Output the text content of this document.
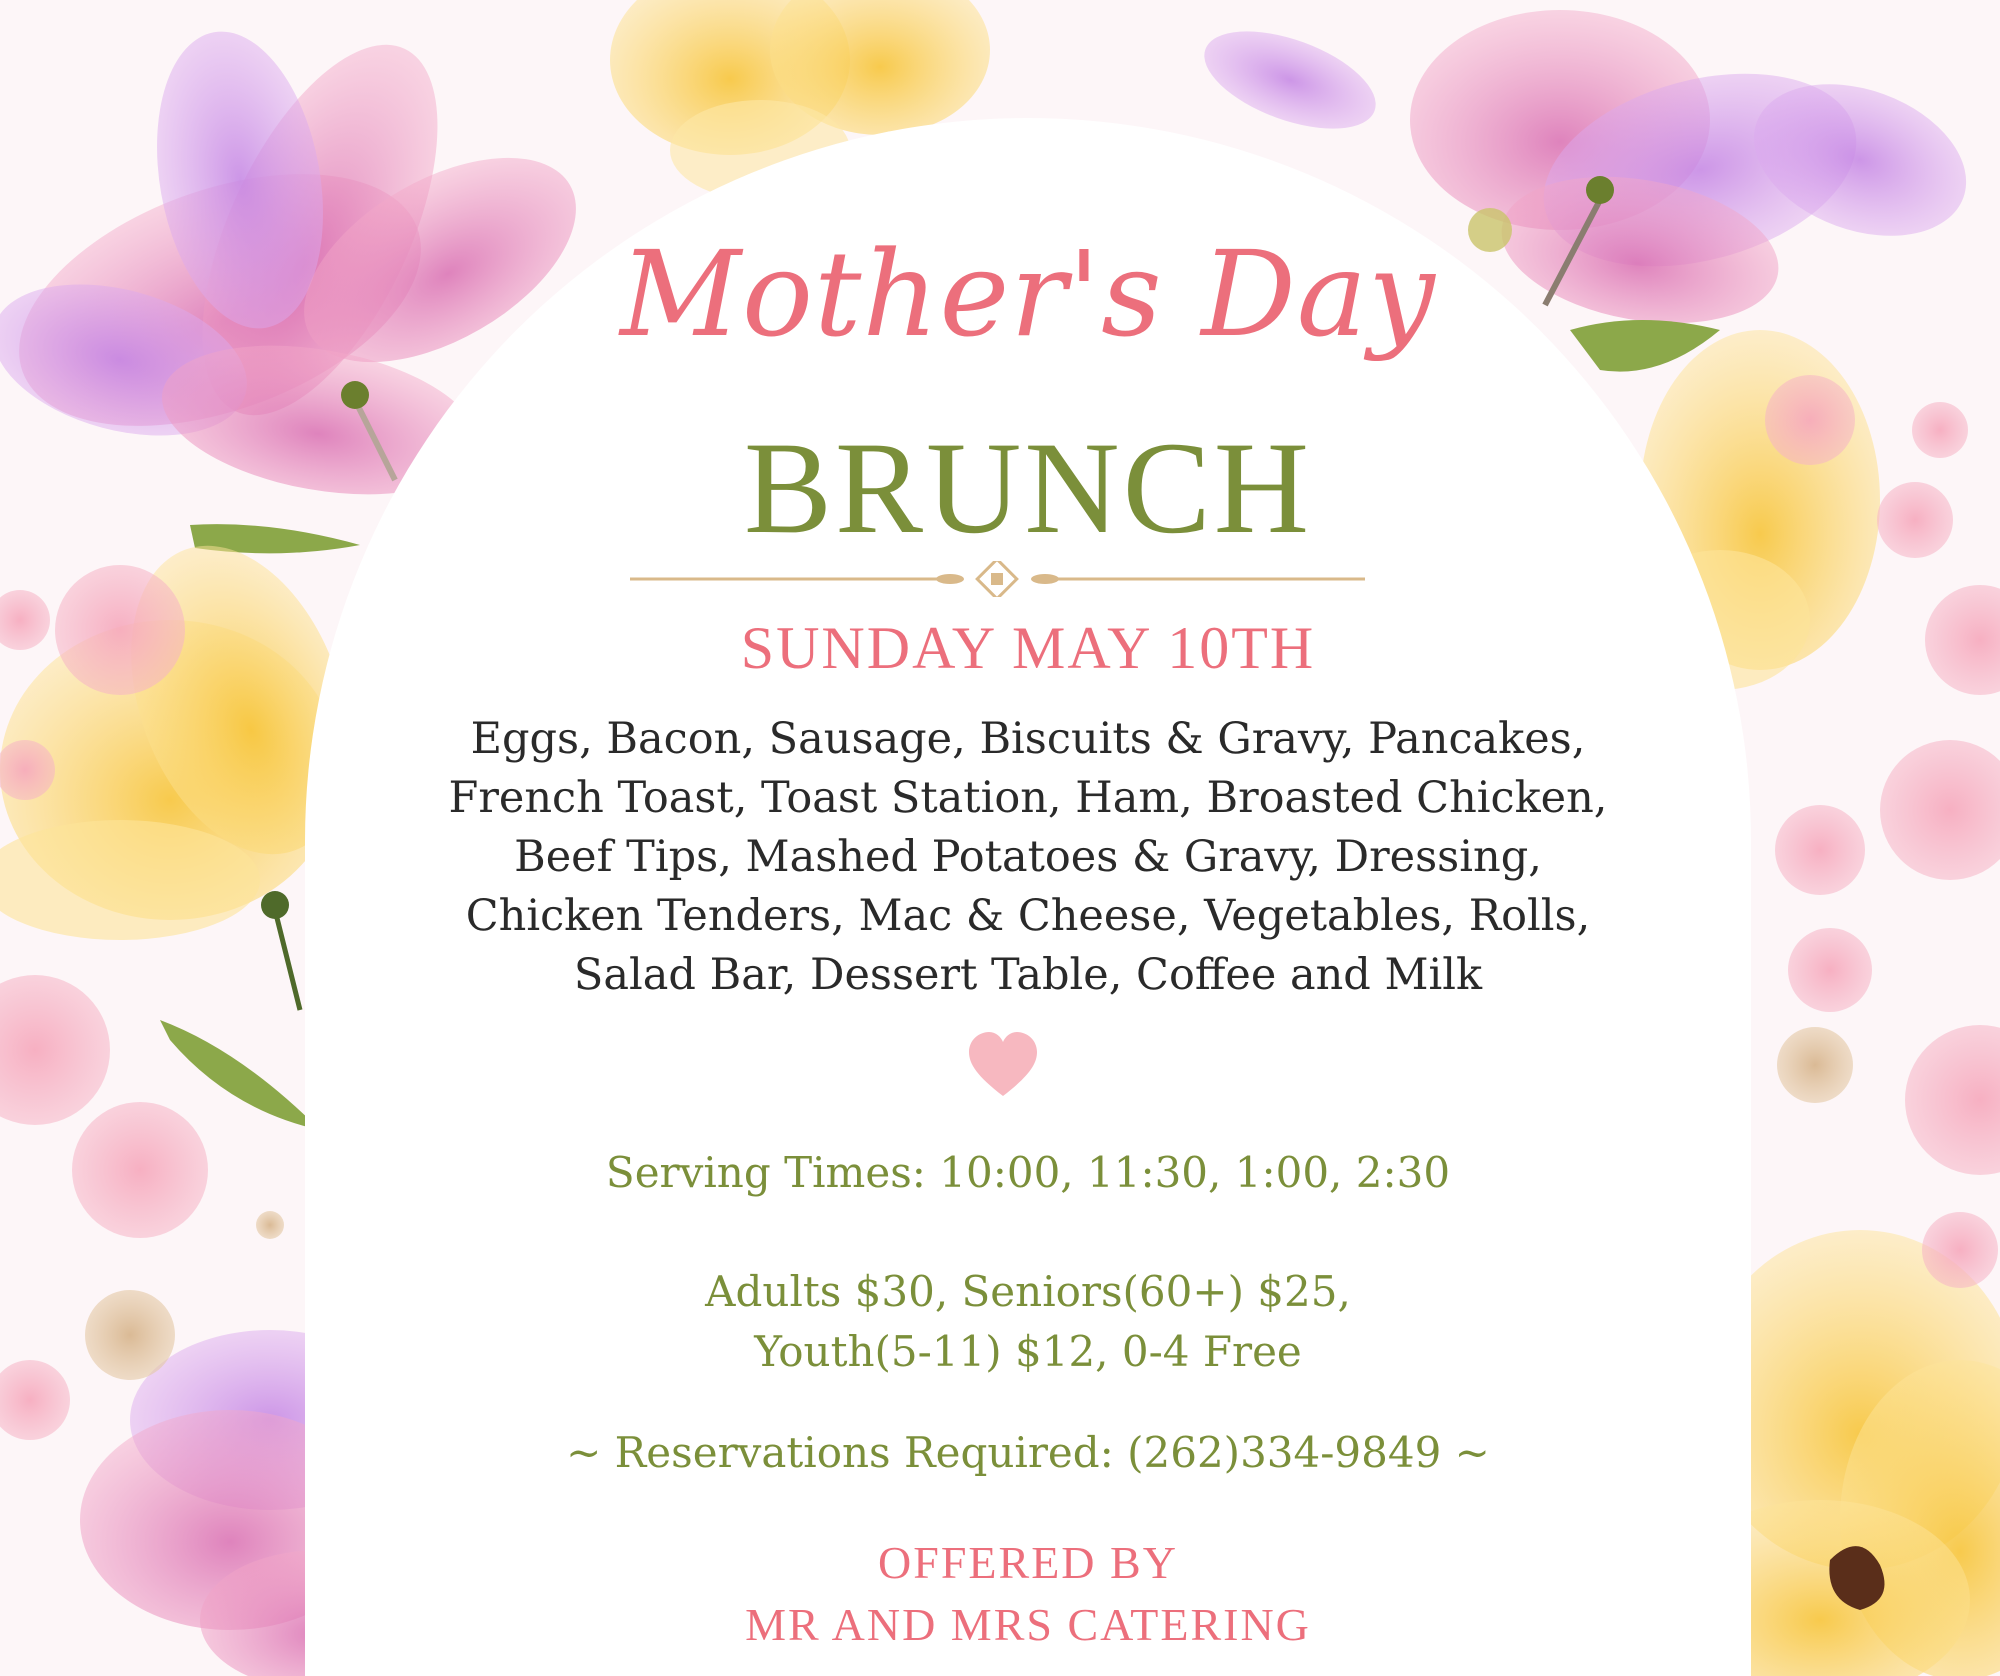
Mother's Day
BRUNCH
SUNDAY MAY 10TH
Eggs, Bacon, Sausage, Biscuits & Gravy, Pancakes,
French Toast, Toast Station, Ham, Broasted Chicken,
Beef Tips, Mashed Potatoes & Gravy, Dressing,
Chicken Tenders, Mac & Cheese, Vegetables, Rolls,
Salad Bar, Dessert Table, Coffee and Milk
Serving Times: 10:00, 11:30, 1:00, 2:30
Adults $30, Seniors(60+) $25,
Youth(5-11) $12, 0-4 Free
~ Reservations Required: (262)334-9849 ~
OFFERED BY
MR AND MRS CATERING
